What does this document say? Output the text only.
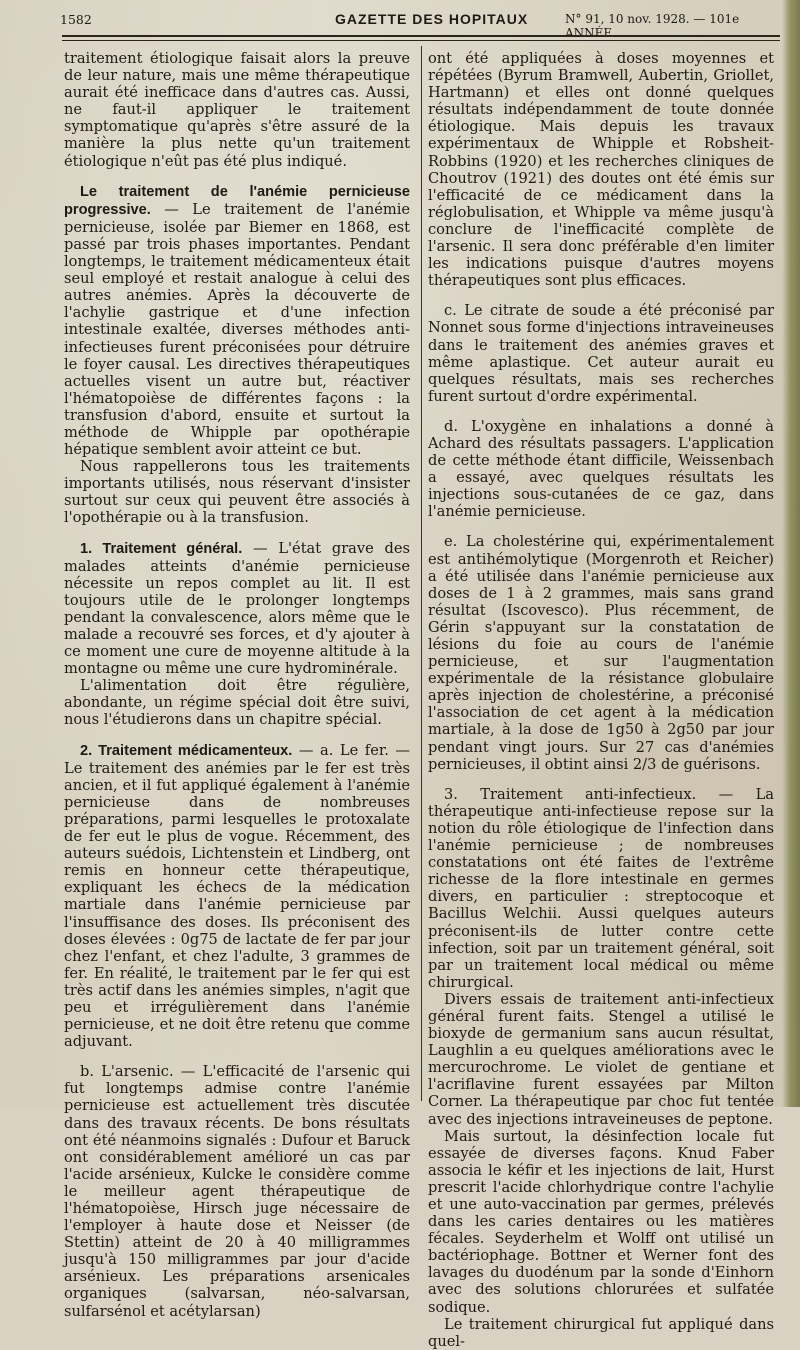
1582	GAZETTE DES HOPITAUX	N° 91, 10 nov. 1928. — 101e ANNÉE.

traitement étiologique faisait alors la preuve de leur nature, mais une même thérapeutique aurait été inefficace dans d'autres cas. Aussi, ne faut-il appliquer le traitement symptomatique qu'après s'être assuré de la manière la plus nette qu'un traitement étiologique n'eût pas été plus indiqué.

Le traitement de l'anémie pernicieuse progressive. — Le traitement de l'anémie pernicieuse, isolée par Biemer en 1868, est passé par trois phases importantes. Pendant longtemps, le traitement médicamenteux était seul employé et restait analogue à celui des autres anémies. Après la découverte de l'achylie gastrique et d'une infection intestinale exaltée, diverses méthodes anti-infectieuses furent préconisées pour détruire le foyer causal. Les directives thérapeutiques actuelles visent un autre but, réactiver l'hématopoièse de différentes façons : la transfusion d'abord, ensuite et surtout la méthode de Whipple par opothérapie hépatique semblent avoir atteint ce but.

Nous rappellerons tous les traitements importants utilisés, nous réservant d'insister surtout sur ceux qui peuvent être associés à l'opothérapie ou à la transfusion.

1. Traitement général. — L'état grave des malades atteints d'anémie pernicieuse nécessite un repos complet au lit. Il est toujours utile de le prolonger longtemps pendant la convalescence, alors même que le malade a recouvré ses forces, et d'y ajouter à ce moment une cure de moyenne altitude à la montagne ou même une cure hydrominérale.

L'alimentation doit être régulière, abondante, un régime spécial doit être suivi, nous l'étudierons dans un chapitre spécial.

2. Traitement médicamenteux. — a. Le fer. — Le traitement des anémies par le fer est très ancien, et il fut appliqué également à l'anémie pernicieuse dans de nombreuses préparations, parmi lesquelles le protoxalate de fer eut le plus de vogue. Récemment, des auteurs suédois, Lichtenstein et Lindberg, ont remis en honneur cette thérapeutique, expliquant les échecs de la médication martiale dans l'anémie pernicieuse par l'insuffisance des doses. Ils préconisent des doses élevées : 0g75 de lactate de fer par jour chez l'enfant, et chez l'adulte, 3 grammes de fer. En réalité, le traitement par le fer qui est très actif dans les anémies simples, n'agit que peu et irrégulièrement dans l'anémie pernicieuse, et ne doit être retenu que comme adjuvant.

b. L'arsenic. — L'efficacité de l'arsenic qui fut longtemps admise contre l'anémie pernicieuse est actuellement très discutée dans des travaux récents. De bons résultats ont été néanmoins signalés : Dufour et Baruck ont considérablement amélioré un cas par l'acide arsénieux, Kulcke le considère comme le meilleur agent thérapeutique de l'hématopoièse, Hirsch juge nécessaire de l'employer à haute dose et Neisser (de Stettin) atteint de 20 à 40 milligrammes jusqu'à 150 milligrammes par jour d'acide arsénieux. Les préparations arsenicales organiques (salvarsan, néo-salvarsan, sulfarsénol et acétylarsan)

ont été appliquées à doses moyennes et répétées (Byrum Bramwell, Aubertin, Griollet, Hartmann) et elles ont donné quelques résultats indépendamment de toute donnée étiologique. Mais depuis les travaux expérimentaux de Whipple et Robsheit-Robbins (1920) et les recherches cliniques de Choutrov (1921) des doutes ont été émis sur l'efficacité de ce médicament dans la réglobulisation, et Whipple va même jusqu'à conclure de l'inefficacité complète de l'arsenic. Il sera donc préférable d'en limiter les indications puisque d'autres moyens thérapeutiques sont plus efficaces.

c. Le citrate de soude a été préconisé par Nonnet sous forme d'injections intraveineuses dans le traitement des anémies graves et même aplastique. Cet auteur aurait eu quelques résultats, mais ses recherches furent surtout d'ordre expérimental.

d. L'oxygène en inhalations a donné à Achard des résultats passagers. L'application de cette méthode étant difficile, Weissenbach a essayé, avec quelques résultats les injections sous-cutanées de ce gaz, dans l'anémie pernicieuse.

e. La cholestérine qui, expérimentalement est antihémolytique (Morgenroth et Reicher) a été utilisée dans l'anémie pernicieuse aux doses de 1 à 2 grammes, mais sans grand résultat (Iscovesco). Plus récemment, de Gérin s'appuyant sur la constatation de lésions du foie au cours de l'anémie pernicieuse, et sur l'augmentation expérimentale de la résistance globulaire après injection de cholestérine, a préconisé l'association de cet agent à la médication martiale, à la dose de 1g50 à 2g50 par jour pendant vingt jours. Sur 27 cas d'anémies pernicieuses, il obtint ainsi 2/3 de guérisons.

3. Traitement anti-infectieux. — La thérapeutique anti-infectieuse repose sur la notion du rôle étiologique de l'infection dans l'anémie pernicieuse ; de nombreuses constatations ont été faites de l'extrême richesse de la flore intestinale en germes divers, en particulier : streptocoque et Bacillus Welchii. Aussi quelques auteurs préconisent-ils de lutter contre cette infection, soit par un traitement général, soit par un traitement local médical ou même chirurgical.

Divers essais de traitement anti-infectieux général furent faits. Stengel a utilisé le bioxyde de germanium sans aucun résultat, Laughlin a eu quelques améliorations avec le mercurochrome. Le violet de gentiane et l'acriflavine furent essayées par Milton Corner. La thérapeutique par choc fut tentée avec des injections intraveineuses de peptone.

Mais surtout, la désinfection locale fut essayée de diverses façons. Knud Faber associa le kéfir et les injections de lait, Hurst prescrit l'acide chlorhydrique contre l'achylie et une auto-vaccination par germes, prélevés dans les caries dentaires ou les matières fécales. Seyderhelm et Wolff ont utilisé un bactériophage. Bottner et Werner font des lavages du duodénum par la sonde d'Einhorn avec des solutions chlorurées et sulfatée sodique.

Le traitement chirurgical fut appliqué dans quel-
